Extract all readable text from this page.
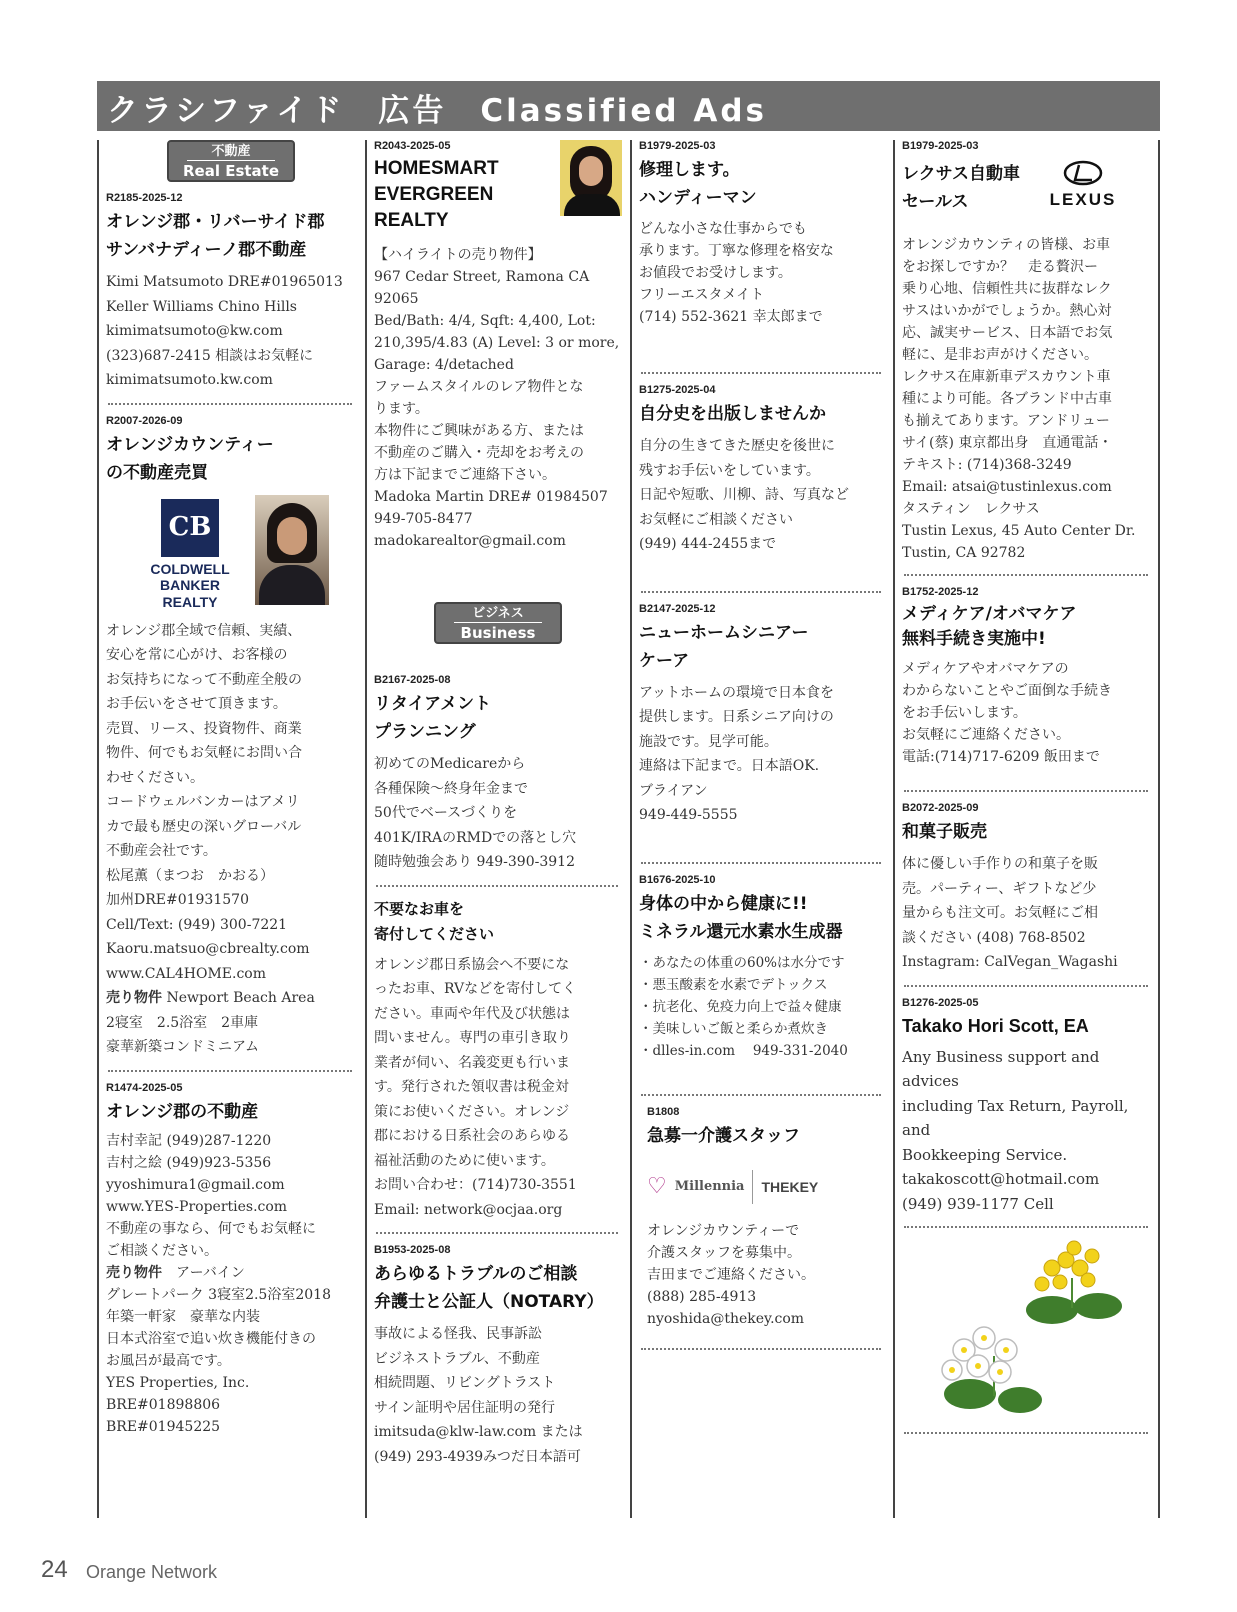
クラシファイド　広告　Classified Ads
不動産
Real Estate
R2185-2025-12
オレンジ郡・リバーサイド郡
サンバナディーノ郡不動産
Kimi Matsumoto DRE#01965013
Keller Williams Chino Hills
kimimatsumoto@kw.com
(323)687-2415 相談はお気軽に
kimimatsumoto.kw.com
R2007-2026-09
オレンジカウンティー
の不動産売買
CB
COLDWELL
BANKER
REALTY

オレンジ郡全域で信頼、実績、
安心を常に心がけ、お客様の
お気持ちになって不動産全般の
お手伝いをさせて頂きます。
売買、リース、投資物件、商業
物件、何でもお気軽にお問い合
わせください。
コードウェルバンカーはアメリ
カで最も歴史の深いグローバル
不動産会社です。
松尾薫（まつお　かおる）
加州DRE#01931570
Cell/Text: (949) 300-7221
Kaoru.matsuo@cbrealty.com
www.CAL4HOME.com
売り物件 Newport Beach Area
2寝室　2.5浴室　2車庫
豪華新築コンドミニアム
R1474-2025-05
オレンジ郡の不動産
吉村幸記 (949)287-1220
吉村之絵 (949)923-5356
yyoshimura1@gmail.com
www.YES-Properties.com
不動産の事なら、何でもお気軽に
ご相談ください。
売り物件　アーバイン
グレートパーク 3寝室2.5浴室2018
年築一軒家　豪華な内装
日本式浴室で追い炊き機能付きの
お風呂が最高です。
YES Properties, Inc.
BRE#01898806
BRE#01945225
R2043-2025-05
HOMESMART
EVERGREEN REALTY
【ハイライトの売り物件】
967 Cedar Street, Ramona CA 92065
Bed/Bath: 4/4, Sqft: 4,400, Lot:
210,395/4.83 (A) Level: 3 or more,
Garage: 4/detached
ファームスタイルのレア物件とな
ります。
本物件にご興味がある方、または
不動産のご購入・売却をお考えの
方は下記までご連絡下さい。
Madoka Martin DRE# 01984507
949-705-8477
madokarealtor@gmail.com
ビジネス
Business
B2167-2025-08
リタイアメント
プランニング
初めてのMedicareから
各種保険～終身年金まで
50代でベースづくりを
401K/IRAのRMDでの落とし穴
随時勉強会あり 949-390-3912
不要なお車を
寄付してください
オレンジ郡日系協会へ不要にな
ったお車、RVなどを寄付してく
ださい。車両や年代及び状態は
問いません。専門の車引き取り
業者が伺い、名義変更も行いま
す。発行された領収書は税金対
策にお使いください。オレンジ
郡における日系社会のあらゆる
福祉活動のために使います。
お問い合わせ：(714)730-3551
Email: network@ocjaa.org
B1953-2025-08
あらゆるトラブルのご相談
弁護士と公証人（NOTARY）
事故による怪我、民事訴訟
ビジネストラブル、不動産
相続問題、リビングトラスト
サイン証明や居住証明の発行
imitsuda@klw-law.com または
(949) 293-4939みつだ日本語可
B1979-2025-03
修理します。
ハンディーマン
どんな小さな仕事からでも
承ります。丁寧な修理を格安な
お値段でお受けします。
フリーエスタメイト
(714) 552-3621 幸太郎まで
B1275-2025-04
自分史を出版しませんか
自分の生きてきた歴史を後世に
残すお手伝いをしています。
日記や短歌、川柳、詩、写真など
お気軽にご相談ください
(949) 444-2455まで
B2147-2025-12
ニューホームシニアー
ケーア
アットホームの環境で日本食を
提供します。日系シニア向けの
施設です。見学可能。
連絡は下記まで。日本語OK.
ブライアン
949-449-5555
B1676-2025-10
身体の中から健康に!!
ミネラル還元水素水生成器
・あなたの体重の60%は水分です
・悪玉酸素を水素でデトックス
・抗老化、免疫力向上で益々健康
・美味しいご飯と柔らか煮炊き
・dlles-in.com　 949-331-2040
B1808
急募一介護スタッフ
♡ Millennia THEKEY
オレンジカウンティーで
介護スタッフを募集中。
吉田までご連絡ください。
(888) 285-4913
nyoshida@thekey.com
B1979-2025-03
レクサス自動車
セールス	LEXUS
オレンジカウンティの皆様、お車
をお探しですか？　走る贅沢ー
乗り心地、信頼性共に抜群なレク
サスはいかがでしょうか。熱心対
応、誠実サービス、日本語でお気
軽に、是非お声がけください。
レクサス在庫新車デスカウント車
種により可能。各ブランド中古車
も揃えてあります。アンドリュー
サイ(蔡) 東京都出身　直通電話・
テキスト: (714)368-3249
Email: atsai@tustinlexus.com
タスティン　レクサス
Tustin Lexus, 45 Auto Center Dr.
Tustin, CA 92782
B1752-2025-12
メディケア/オバマケア
無料手続き実施中!
メディケアやオバマケアの
わからないことやご面倒な手続き
をお手伝いします。
お気軽にご連絡ください。
電話:(714)717-6209 飯田まで
B2072-2025-09
和菓子販売
体に優しい手作りの和菓子を販
売。パーティー、ギフトなど少
量からも注文可。お気軽にご相
談ください (408) 768-8502
Instagram: CalVegan_Wagashi
B1276-2025-05
Takako Hori Scott, EA
Any Business support and advices
including Tax Return, Payroll, and
Bookkeeping Service.
takakoscott@hotmail.com
(949) 939-1177 Cell
24 Orange Network
